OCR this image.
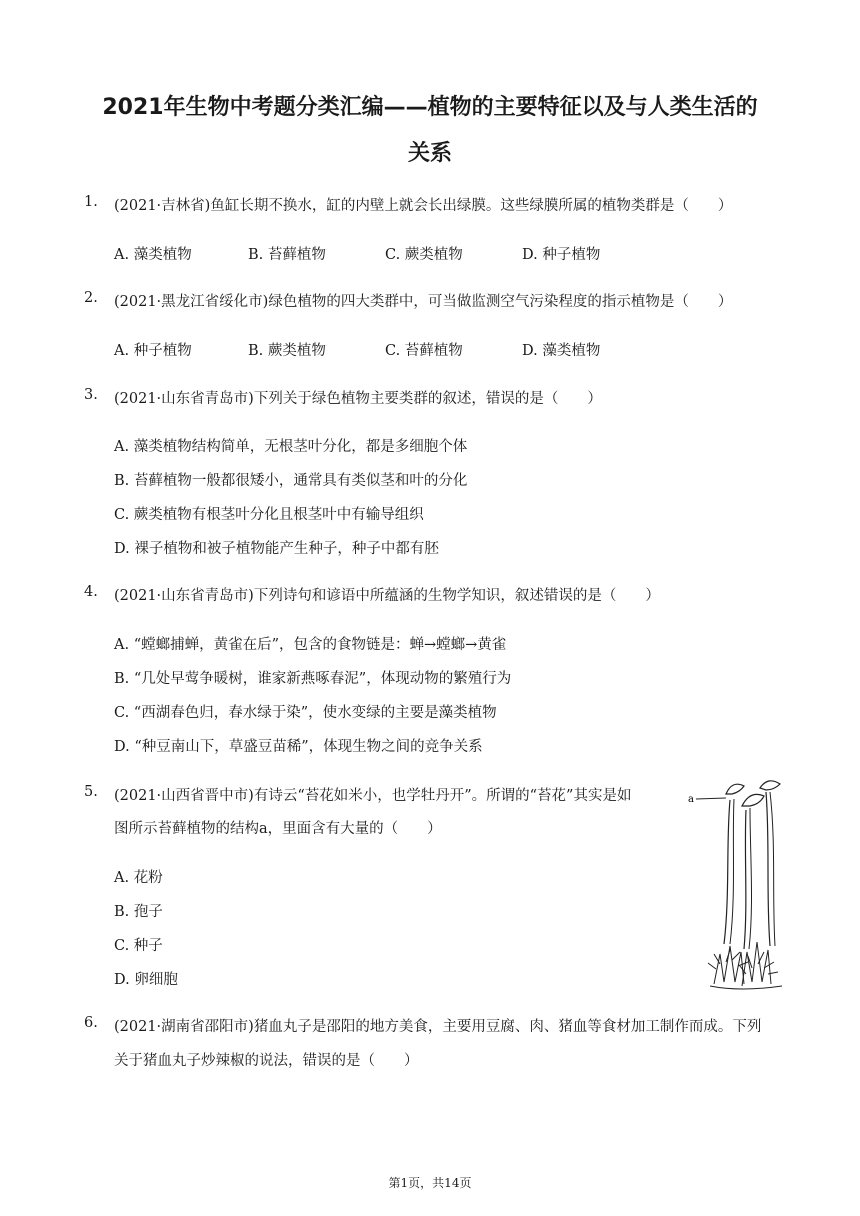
2021年生物中考题分类汇编——植物的主要特征以及与人类生活的
关系
1. (2021·吉林省)鱼缸长期不换水，缸的内壁上就会长出绿膜。这些绿膜所属的植物类群是（　　）
A. 藻类植物	B. 苔藓植物	C. 蕨类植物	D. 种子植物
2. (2021·黑龙江省绥化市)绿色植物的四大类群中，可当做监测空气污染程度的指示植物是（　　）
A. 种子植物	B. 蕨类植物	C. 苔藓植物	D. 藻类植物
3. (2021·山东省青岛市)下列关于绿色植物主要类群的叙述，错误的是（　　）
A. 藻类植物结构简单，无根茎叶分化，都是多细胞个体
B. 苔藓植物一般都很矮小，通常具有类似茎和叶的分化
C. 蕨类植物有根茎叶分化且根茎叶中有输导组织
D. 裸子植物和被子植物能产生种子，种子中都有胚
4. (2021·山东省青岛市)下列诗句和谚语中所蕴涵的生物学知识，叙述错误的是（　　）
A. “螳螂捕蝉，黄雀在后”，包含的食物链是：蝉→螳螂→黄雀
B. “几处早莺争暖树，谁家新燕啄春泥”，体现动物的繁殖行为
C. “西湖春色归，春水绿于染”，使水变绿的主要是藻类植物
D. “种豆南山下，草盛豆苗稀”，体现生物之间的竞争关系
5. (2021·山西省晋中市)有诗云“苔花如米小，也学牡丹开”。所谓的“苔花”其实是如
图所示苔藓植物的结构a，里面含有大量的（　　）
A. 花粉
B. 孢子
C. 种子
D. 卵细胞
a
6. (2021·湖南省邵阳市)猪血丸子是邵阳的地方美食，主要用豆腐、肉、猪血等食材加工制作而成。下列
关于猪血丸子炒辣椒的说法，错误的是（　　）
第1页，共14页
